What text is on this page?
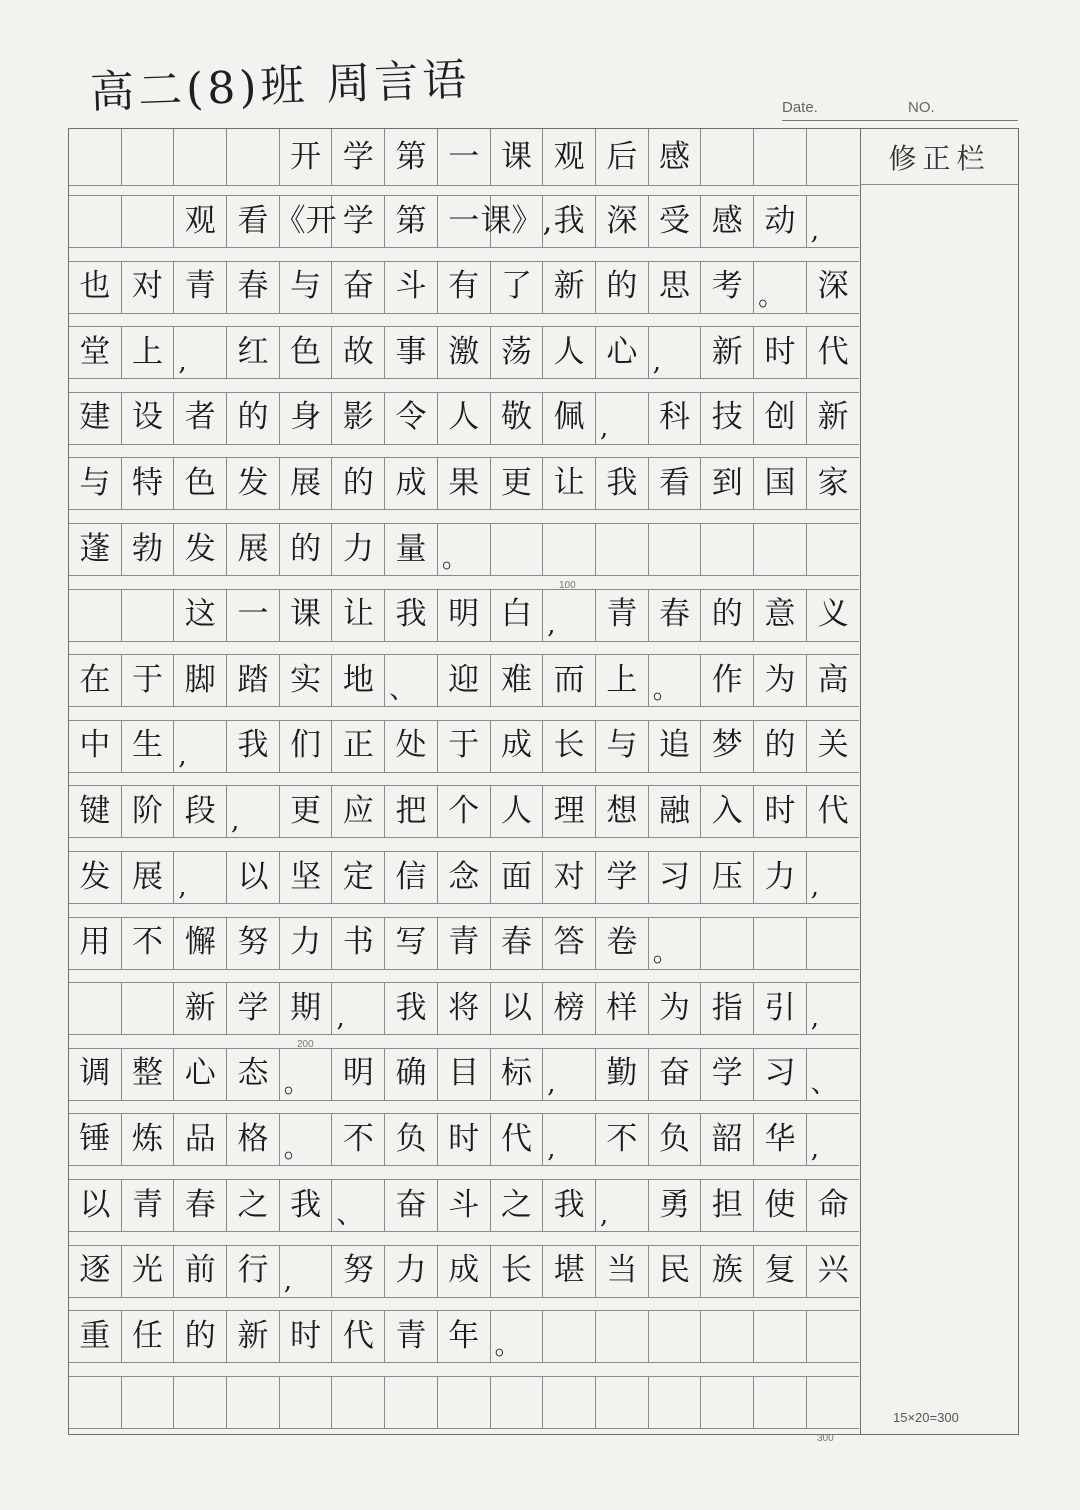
高二(8)班 周言语	Date.	NO.
开 学 第 一 课 观 后 感
观 看 《开 学 第 一 课》, 我 深 受 感 动 ,
也 对 青 春 与 奋 斗 有 了 新 的 思 考 。	深
堂 上 ,	红 色 故 事 激 荡 人 心 ,	新 时 代
建 设 者 的 身 影 令 人 敬 佩 ,	科 技 创 新
与 特 色 发 展 的 成 果 更 让 我 看 到 国 家
蓬 勃 发 展 的 力 量 。
这 一 课 让 我 明 白 ,	青 春 的 意 义
在 于 脚 踏 实 地 、	迎 难 而 上 。	作 为 高
中 生 ,	我 们 正 处 于 成 长 与 追 梦 的 关
键 阶 段 ,	更 应 把 个 人 理 想 融 入 时 代
发 展 ,	以 坚 定 信 念 面 对 学 习 压 力 ,
用 不 懈 努 力 书 写 青 春 答 卷 。
新 学 期 ,	我 将 以 榜 样 为 指 引 ,
调 整 心 态 。	明 确 目 标 ,	勤 奋 学 习 、
锤 炼 品 格 。	不 负 时 代 ,	不 负 韶 华 ,
以 青 春 之 我 、	奋 斗 之 我 ,	勇 担 使 命
逐 光 前 行 ,	努 力 成 长 堪 当 民 族 复 兴
重 任 的 新 时 代 青 年 。
100
200
300
修正栏
15×20=300
